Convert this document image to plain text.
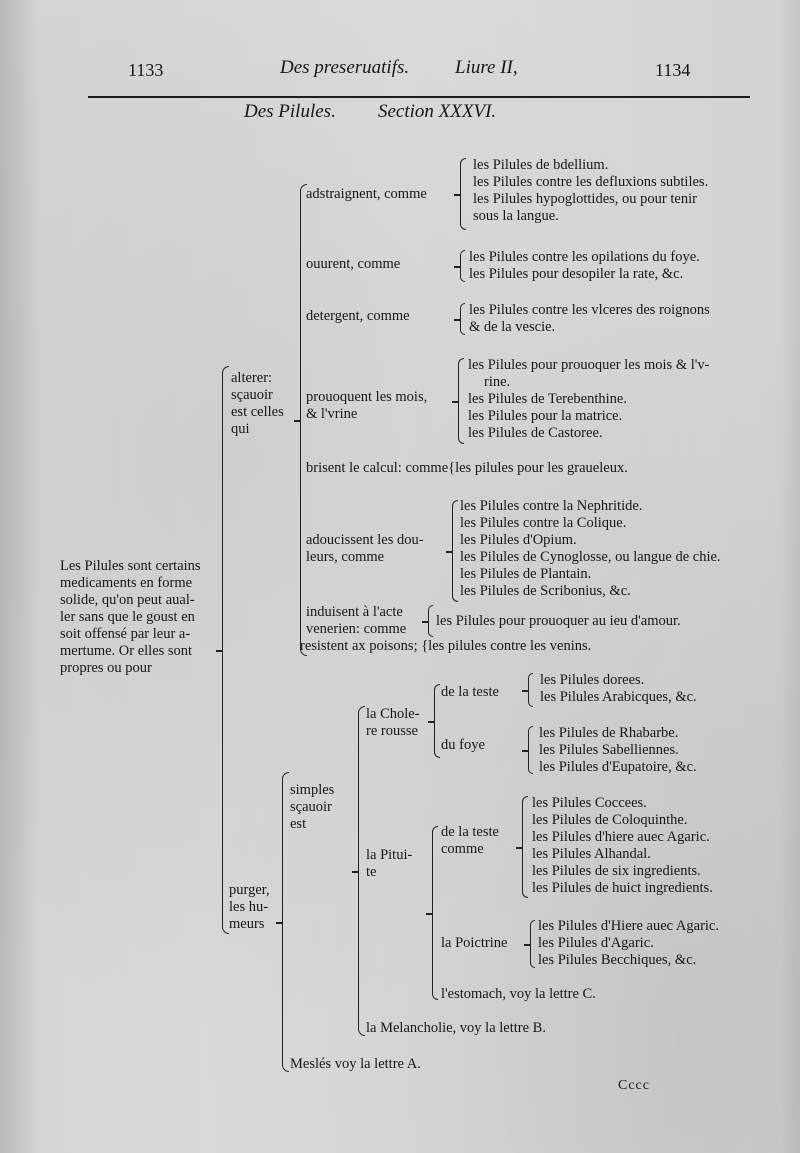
1133	Des preseruatifs. Liure II,	1134
Des Pilules. Section XXXVI.
Les Pilules sont certains
medicaments en forme
solide, qu'on peut aual-
ler sans que le goust en
soit offensé par leur a-
mertume. Or elles sont
propres ou pour
alterer:
sçauoir
est celles
qui
adstraignent, comme
les Pilules de bdellium.
les Pilules contre les defluxions subtiles.
les Pilules hypoglottides, ou pour tenir
sous la langue.
ouurent, comme	les Pilules contre les opilations du foye.
les Pilules pour desopiler la rate, &c.
detergent, comme	les Pilules contre les vlceres des roignons
& de la vescie.
prouoquent les mois,
& l'vrine
les Pilules pour prouoquer les mois & l'v-
rine.
les Pilules de Terebenthine.
les Pilules pour la matrice.
les Pilules de Castoree.
brisent le calcul: comme{les pilules pour les graueleux.
adoucissent les dou-
leurs, comme
les Pilules contre la Nephritide.
les Pilules contre la Colique.
les Pilules d'Opium.
les Pilules de Cynoglosse, ou langue de chie.
les Pilules de Plantain.
les Pilules de Scribonius, &c.
induisent à l'acte
venerien: comme les Pilules pour prouoquer au ieu d'amour.
resistent ax poisons; {les pilules contre les venins.
purger,
les hu-
meurs
simples
sçauoir
est
la Chole-
re rousse
de la teste
les Pilules dorees.
les Pilules Arabicques, &c.
du foye
les Pilules de Rhabarbe.
les Pilules Sabelliennes.
les Pilules d'Eupatoire, &c.
la Pitui-
te
de la teste
comme
les Pilules Coccees.
les Pilules de Coloquinthe.
les Pilules d'hiere auec Agaric.
les Pilules Alhandal.
les Pilules de six ingredients.
les Pilules de huict ingredients.
la Poictrine
les Pilules d'Hiere auec Agaric.
les Pilules d'Agaric.
les Pilules Becchiques, &c.
l'estomach, voy la lettre C.
la Melancholie, voy la lettre B.
Meslés voy la lettre A.
Cccc
